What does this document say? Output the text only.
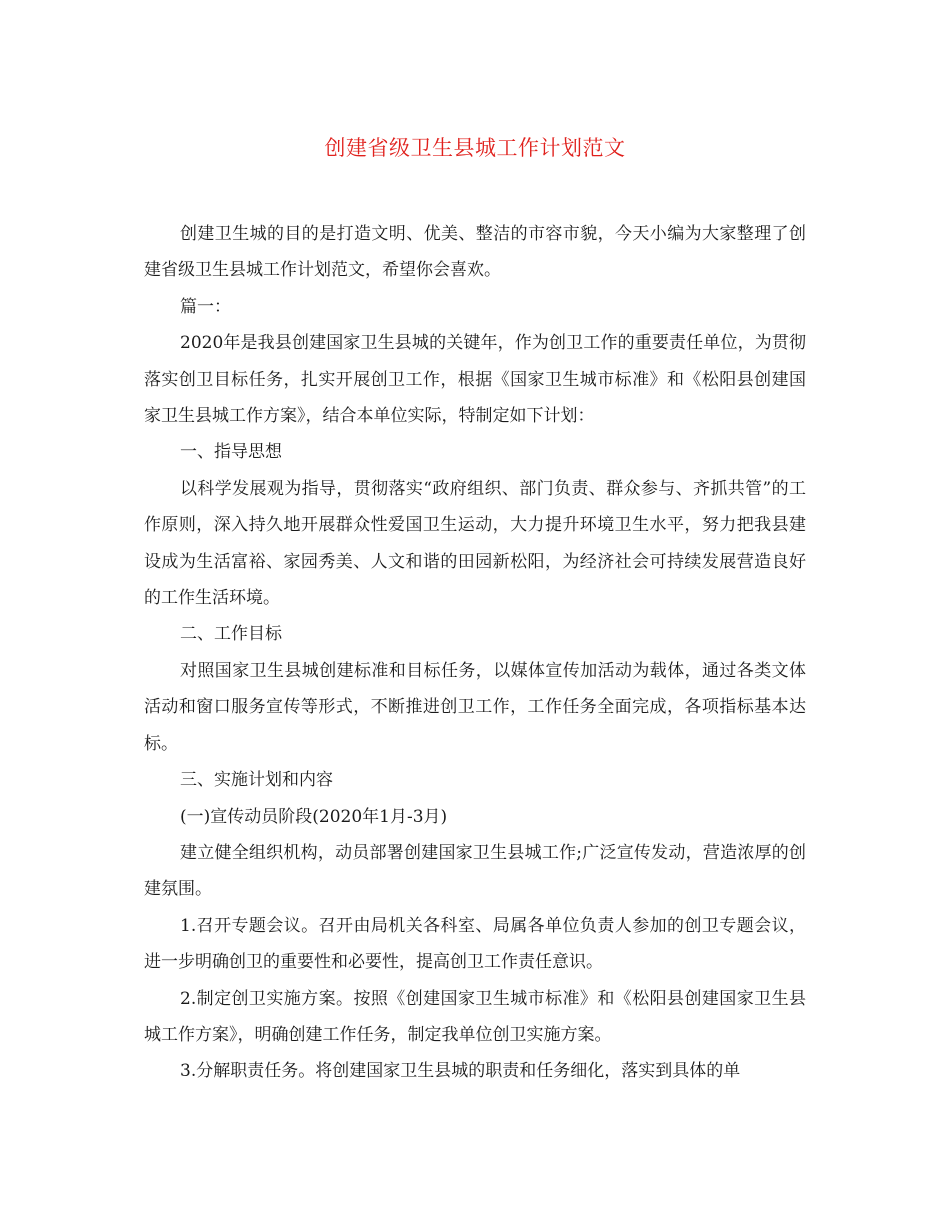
创建省级卫生县城工作计划范文

创建卫生城的目的是打造文明、优美、整洁的市容市貌，今天小编为大家整理了创建省级卫生县城工作计划范文，希望你会喜欢。

篇一：

2020年是我县创建国家卫生县城的关键年，作为创卫工作的重要责任单位，为贯彻落实创卫目标任务，扎实开展创卫工作，根据《国家卫生城市标准》和《松阳县创建国家卫生县城工作方案》，结合本单位实际，特制定如下计划：

一、指导思想

以科学发展观为指导，贯彻落实“政府组织、部门负责、群众参与、齐抓共管”的工作原则，深入持久地开展群众性爱国卫生运动，大力提升环境卫生水平，努力把我县建设成为生活富裕、家园秀美、人文和谐的田园新松阳，为经济社会可持续发展营造良好的工作生活环境。

二、工作目标

对照国家卫生县城创建标准和目标任务，以媒体宣传加活动为载体，通过各类文体活动和窗口服务宣传等形式，不断推进创卫工作，工作任务全面完成，各项指标基本达标。

三、实施计划和内容

(一)宣传动员阶段(2020年1月-3月)

建立健全组织机构，动员部署创建国家卫生县城工作;广泛宣传发动，营造浓厚的创建氛围。

1.召开专题会议。召开由局机关各科室、局属各单位负责人参加的创卫专题会议，进一步明确创卫的重要性和必要性，提高创卫工作责任意识。

2.制定创卫实施方案。按照《创建国家卫生城市标准》和《松阳县创建国家卫生县城工作方案》，明确创建工作任务，制定我单位创卫实施方案。

3.分解职责任务。将创建国家卫生县城的职责和任务细化，落实到具体的单
